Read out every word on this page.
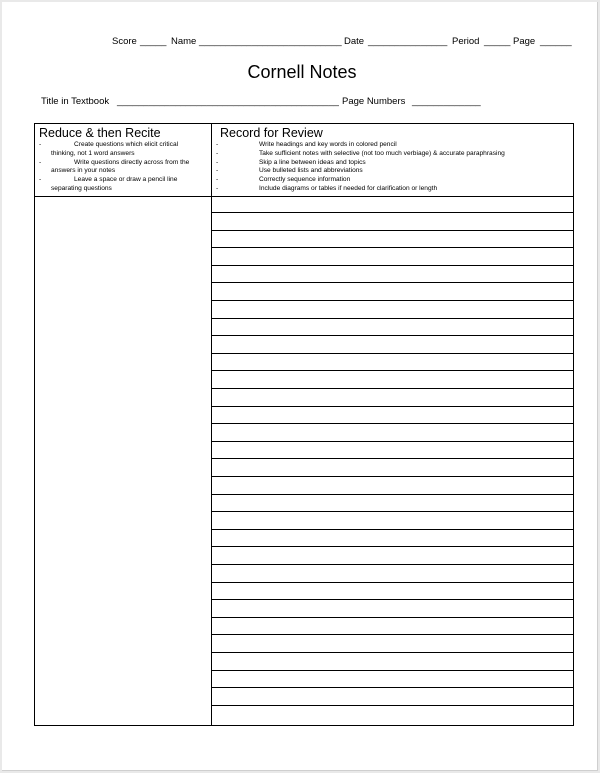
Score _____ Name ___________________________ Date _______________ Period _____ Page ______
Cornell Notes
Title in Textbook __________________________________________ Page Numbers _____________
Reduce & then Recite
-	Create questions which elicit critical thinking, not 1 word answers
-	Write questions directly across from the answers in your notes
-	Leave a space or draw a pencil line separating questions
Record for Review
-	Write headings and key words in colored pencil
-	Take sufficient notes with selective (not too much verbiage) & accurate paraphrasing
-	Skip a line between ideas and topics
-	Use bulleted lists and abbreviations
-	Correctly sequence information
-	Include diagrams or tables if needed for clarification or length
